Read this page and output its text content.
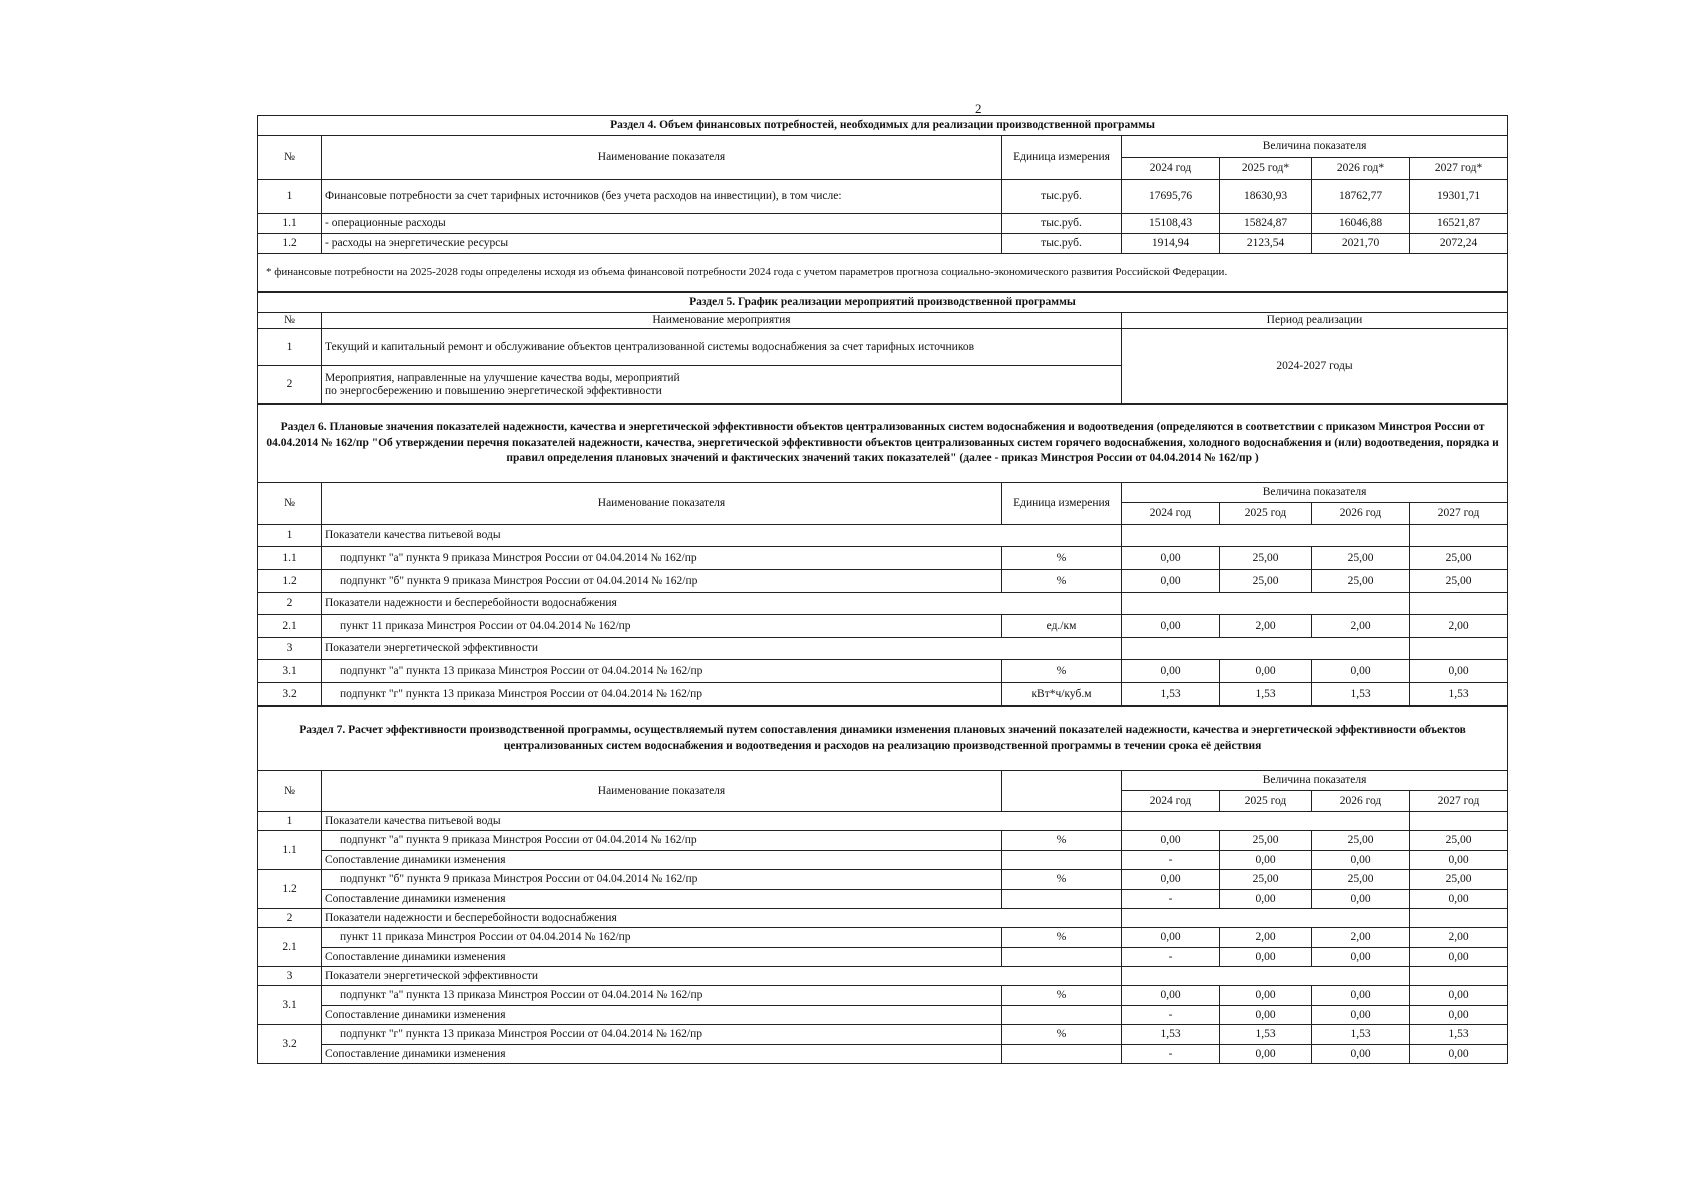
2
Раздел 4. Объем финансовых потребностей, необходимых для реализации производственной программы						
№	Наименование показателя	Единица измерения	Величина показателя			
			2024 год	2025 год*	2026 год*	2027 год*
1	Финансовые потребности за счет тарифных источников (без учета расходов на инвестиции), в том числе:	тыс.руб.	17695,76	18630,93	18762,77	19301,71
1.1	- операционные расходы	тыс.руб.	15108,43	15824,87	16046,88	16521,87
1.2	- расходы на энергетические ресурсы	тыс.руб.	1914,94	2123,54	2021,70	2072,24
* финансовые потребности на 2025-2028 годы определены исходя из объема финансовой потребности 2024 года с учетом параметров прогноза социально-экономического развития Российской Федерации.						
Раздел 5. График реализации мероприятий производственной программы		
№	Наименование мероприятия	Период реализации
1	Текущий и капитальный ремонт и обслуживание объектов централизованной системы водоснабжения за счет тарифных источников	2024-2027 годы
2	Мероприятия, направленные на улучшение качества воды, мероприятий
по энергосбережению и повышению энергетической эффективности	
Раздел 6. Плановые значения показателей надежности, качества и энергетической эффективности объектов централизованных систем водоснабжения и водоотведения (определяются в соответствии с приказом Минстроя России от 04.04.2014 № 162/пр "Об утверждении перечня показателей надежности, качества, энергетической эффективности объектов централизованных систем горячего водоснабжения, холодного водоснабжения и (или) водоотведения, порядка и правил определения плановых значений и фактических значений таких показателей" (далее - приказ Минстроя России от 04.04.2014 № 162/пр )						
№	Наименование показателя	Единица измерения	Величина показателя			
			2024 год	2025 год	2026 год	2027 год
1	Показатели качества питьевой воды					
1.1	подпункт "а" пункта 9 приказа Минстроя России от 04.04.2014 № 162/пр	%	0,00	25,00	25,00	25,00
1.2	подпункт "б" пункта 9 приказа Минстроя России от 04.04.2014 № 162/пр	%	0,00	25,00	25,00	25,00
2	Показатели надежности и бесперебойности водоснабжения					
2.1	пункт 11 приказа Минстроя России от 04.04.2014 № 162/пр	ед./км	0,00	2,00	2,00	2,00
3	Показатели энергетической эффективности					
3.1	подпункт "а" пункта 13 приказа Минстроя России от 04.04.2014 № 162/пр	%	0,00	0,00	0,00	0,00
3.2	подпункт "г" пункта 13 приказа Минстроя России от 04.04.2014 № 162/пр	кВт*ч/куб.м	1,53	1,53	1,53	1,53
Раздел 7. Расчет эффективности производственной программы, осуществляемый путем сопоставления динамики изменения плановых значений показателей надежности, качества и энергетической эффективности объектов централизованных систем водоснабжения и водоотведения и расходов на реализацию производственной программы в течении срока её действия						
№	Наименование показателя		Величина показателя			
			2024 год	2025 год	2026 год	2027 год
1	Показатели качества питьевой воды					
1.1	подпункт "а" пункта 9 приказа Минстроя России от 04.04.2014 № 162/пр	%	0,00	25,00	25,00	25,00
	Сопоставление динамики изменения		-	0,00	0,00	0,00
1.2	подпункт "б" пункта 9 приказа Минстроя России от 04.04.2014 № 162/пр	%	0,00	25,00	25,00	25,00
	Сопоставление динамики изменения		-	0,00	0,00	0,00
2	Показатели надежности и бесперебойности водоснабжения					
2.1	пункт 11 приказа Минстроя России от 04.04.2014 № 162/пр	%	0,00	2,00	2,00	2,00
	Сопоставление динамики изменения		-	0,00	0,00	0,00
3	Показатели энергетической эффективности					
3.1	подпункт "а" пункта 13 приказа Минстроя России от 04.04.2014 № 162/пр	%	0,00	0,00	0,00	0,00
	Сопоставление динамики изменения		-	0,00	0,00	0,00
3.2	подпункт "г" пункта 13 приказа Минстроя России от 04.04.2014 № 162/пр	%	1,53	1,53	1,53	1,53
	Сопоставление динамики изменения		-	0,00	0,00	0,00
